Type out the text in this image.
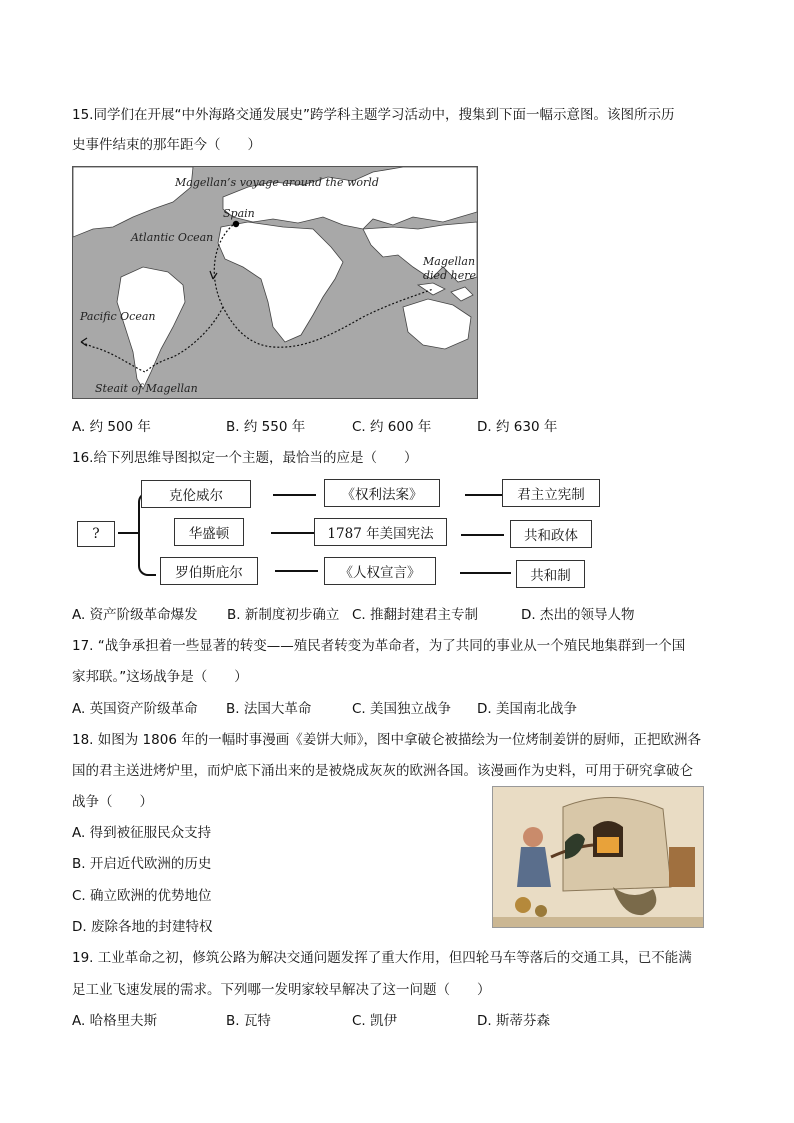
15.同学们在开展“中外海路交通发展史”跨学科主题学习活动中，搜集到下面一幅示意图。该图所示历
史事件结束的那年距今（　　）
Magellan’s voyage around the world
Spain
Atlantic Ocean
Pacific Ocean
Magellan
died here
Steait of Magellan
A. 约 500 年	B. 约 550 年	C. 约 600 年	D. 约 630 年
16.给下列思维导图拟定一个主题，最恰当的应是（　　）
?
克伦威尔
华盛顿
罗伯斯庇尔
《权利法案》
1787 年美国宪法
《人权宣言》
君主立宪制
共和政体
共和制
A. 资产阶级革命爆发 B. 新制度初步确立 C. 推翻封建君主专制	D. 杰出的领导人物
17. “战争承担着一些显著的转变——殖民者转变为革命者，为了共同的事业从一个殖民地集群到一个国
家邦联。”这场战争是（　　）
A. 英国资产阶级革命 B. 法国大革命	C. 美国独立战争 D. 美国南北战争
18. 如图为 1806 年的一幅时事漫画《姜饼大师》，图中拿破仑被描绘为一位烤制姜饼的厨师，正把欧洲各
国的君主送进烤炉里，而炉底下涌出来的是被烧成灰灰的欧洲各国。该漫画作为史料，可用于研究拿破仑
战争（　　）
A. 得到被征服民众支持
B. 开启近代欧洲的历史
C. 确立欧洲的优势地位
D. 废除各地的封建特权
19. 工业革命之初，修筑公路为解决交通问题发挥了重大作用，但四轮马车等落后的交通工具，已不能满
足工业飞速发展的需求。下列哪一发明家较早解决了这一问题（　　）
A. 哈格里夫斯	B. 瓦特	C. 凯伊	D. 斯蒂芬森
